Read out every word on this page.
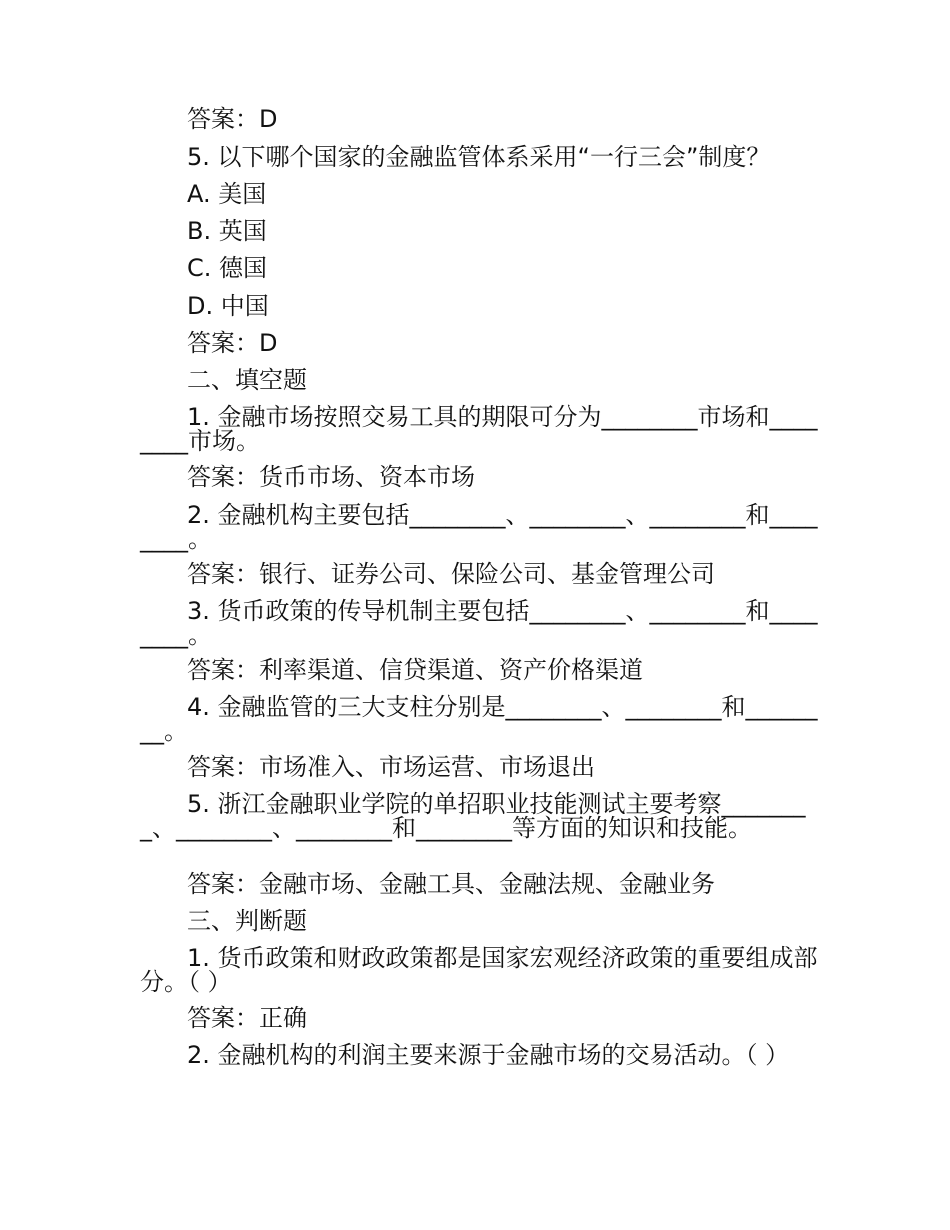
答案：D
5. 以下哪个国家的金融监管体系采用“一行三会”制度？
A. 美国
B. 英国
C. 德国
D. 中国
答案：D
二、填空题
1. 金融市场按照交易工具的期限可分为________市场和________市场。
答案：货币市场、资本市场
2. 金融机构主要包括________、________、________和________。
答案：银行、证券公司、保险公司、基金管理公司
3. 货币政策的传导机制主要包括________、________和________。
答案：利率渠道、信贷渠道、资产价格渠道
4. 金融监管的三大支柱分别是________、________和________。
答案：市场准入、市场运营、市场退出
5. 浙江金融职业学院的单招职业技能测试主要考察________、________、________和________等方面的知识和技能。
答案：金融市场、金融工具、金融法规、金融业务
三、判断题
1. 货币政策和财政政策都是国家宏观经济政策的重要组成部分。（ ）
答案：正确
2. 金融机构的利润主要来源于金融市场的交易活动。（ ）
